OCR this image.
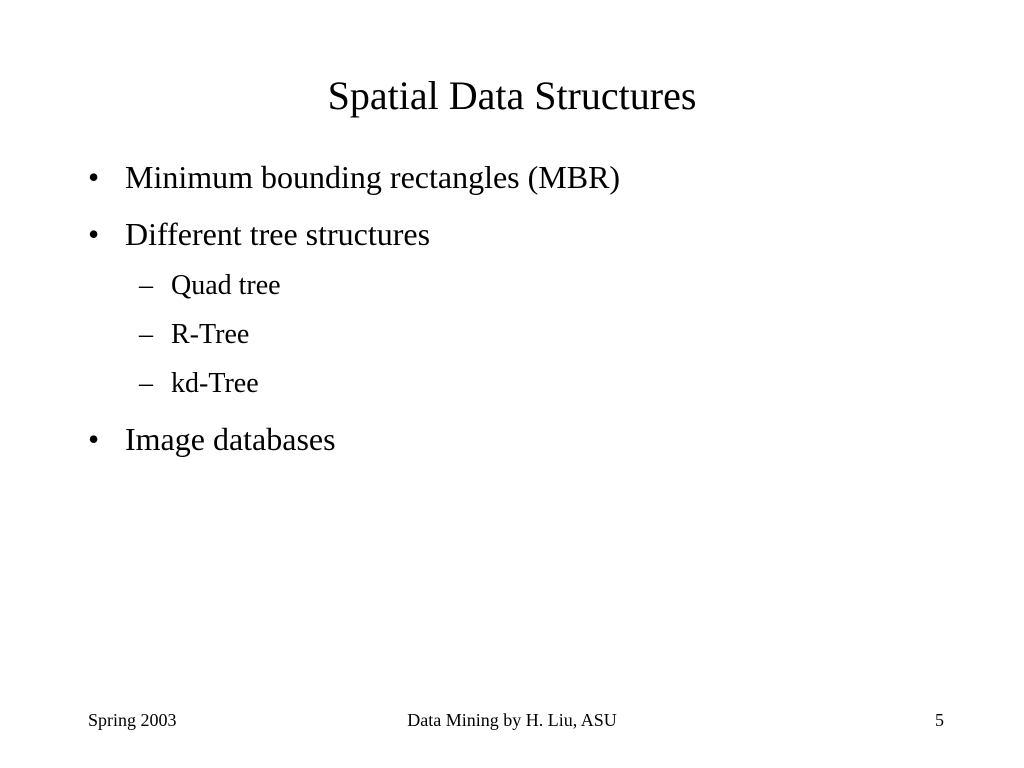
Spatial Data Structures
• Minimum bounding rectangles (MBR)
• Different tree structures
– Quad tree
– R-Tree
– kd-Tree
• Image databases
Spring 2003	Data Mining by H. Liu, ASU	5
